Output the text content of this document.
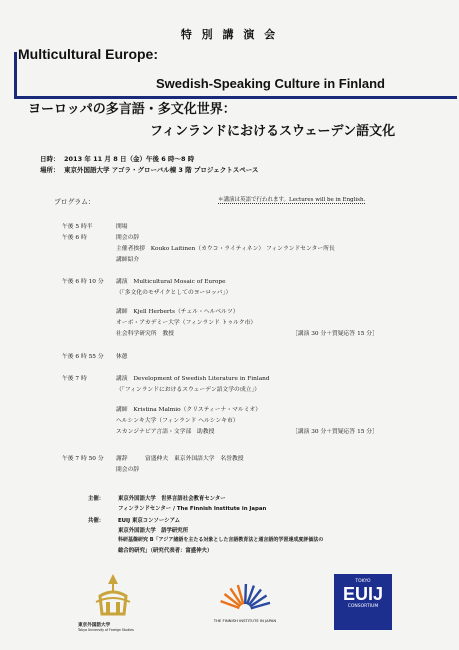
特 別 講 演 会
Multicultural Europe:
Swedish-Speaking Culture in Finland
ヨーロッパの多言語・多文化世界：
フィンランドにおけるスウェーデン語文化
日時： 2013 年 11 月 8 日（金）午後 6 時〜8 時
場所： 東京外国語大学 アゴラ・グローバル棟 3 階 プロジェクトスペース
プログラム：	＊講演は英語で行われます。Lectures will be in English.
午後 5 時半	開場
午後 6 時	開会の辞
主催者挨拶　Kouko Laitinen（カウコ・ライティネン） フィンランドセンター所長
講師紹介
午後 6 時 10 分	講演　Multicultural Mosaic of Europe
（「多文化のモザイクとしてのヨーロッパ」）
講師　Kjell Herberts（チェル・ヘルベルツ）
オーボ・アカデミー大学（フィンランド トゥルク市）
社会科学研究所　教授	［講演 30 分＋質疑応答 15 分］
午後 6 時 55 分	休憩
午後 7 時	講演　Development of Swedish Literature in Finland
（「フィンランドにおけるスウェーデン語文学の成立」）
講師　Kristina Malmio（クリスティーナ・マルミオ）
ヘルシンキ大学（フィンランド ヘルシンキ市）
スカンジナビア言語・文学部　助教授	［講演 30 分＋質疑応答 15 分］
午後 7 時 50 分	謝辞　　　富盛伸夫　東京外国語大学　名誉教授
閉会の辞
主催：	東京外国語大学　世界言語社会教育センター
フィンランドセンター / The Finnish Institute in Japan
共催：	EUIJ 東京コンソーシアム
東京外国語大学　語学研究所
科研基盤研究 B「アジア諸語を主たる対象とした言語教育法と通言語的学習達成度評価法の
総合的研究」（研究代表者：富盛伸夫）
東京外国語大学
Tokyo University of Foreign Studies
THE FINNISH INSTITUTE IN JAPAN
TOKYO
EUIJ
CONSORTIUM
